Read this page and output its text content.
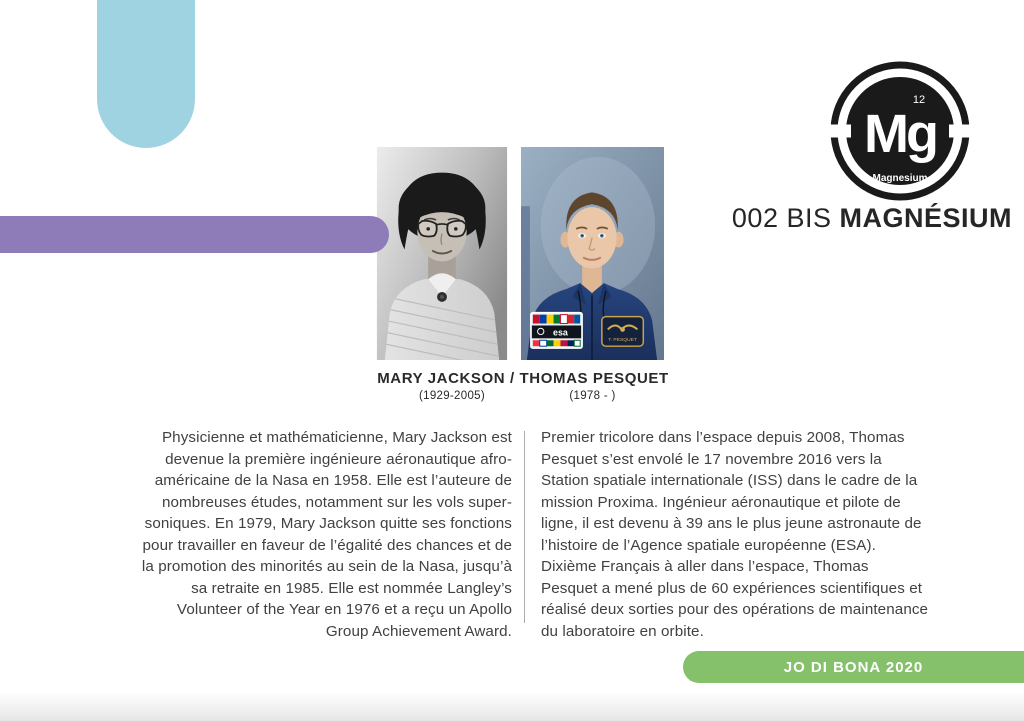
esa
T. PESQUET
MARY JACKSON / THOMAS PESQUET
(1929-2005)	(1978 - )
Mg
12
Magnesium
002 BIS MAGNÉSIUM

Physicienne et mathématicienne, Mary Jackson est devenue la première ingénieure aéronautique afro-américaine de la Nasa en 1958. Elle est l’auteure de nombreuses études, notamment sur les vols super-soniques. En 1979, Mary Jackson quitte ses fonctions pour travailler en faveur de l’égalité des chances et de la promotion des minorités au sein de la Nasa, jusqu’à sa retraite en 1985. Elle est nommée Langley’s Volunteer of the Year en 1976 et a reçu un Apollo Group Achievement Award.

Premier tricolore dans l’espace depuis 2008, Thomas Pesquet s’est envolé le 17 novembre 2016 vers la Station spatiale internationale (ISS) dans le cadre de la mission Proxima. Ingénieur aéronautique et pilote de ligne, il est devenu à 39 ans le plus jeune astronaute de l’histoire de l’Agence spatiale européenne (ESA). Dixième Français à aller dans l’espace, Thomas Pesquet a mené plus de 60 expériences scientifiques et réalisé deux sorties pour des opérations de maintenance du laboratoire en orbite.

JO DI BONA 2020
